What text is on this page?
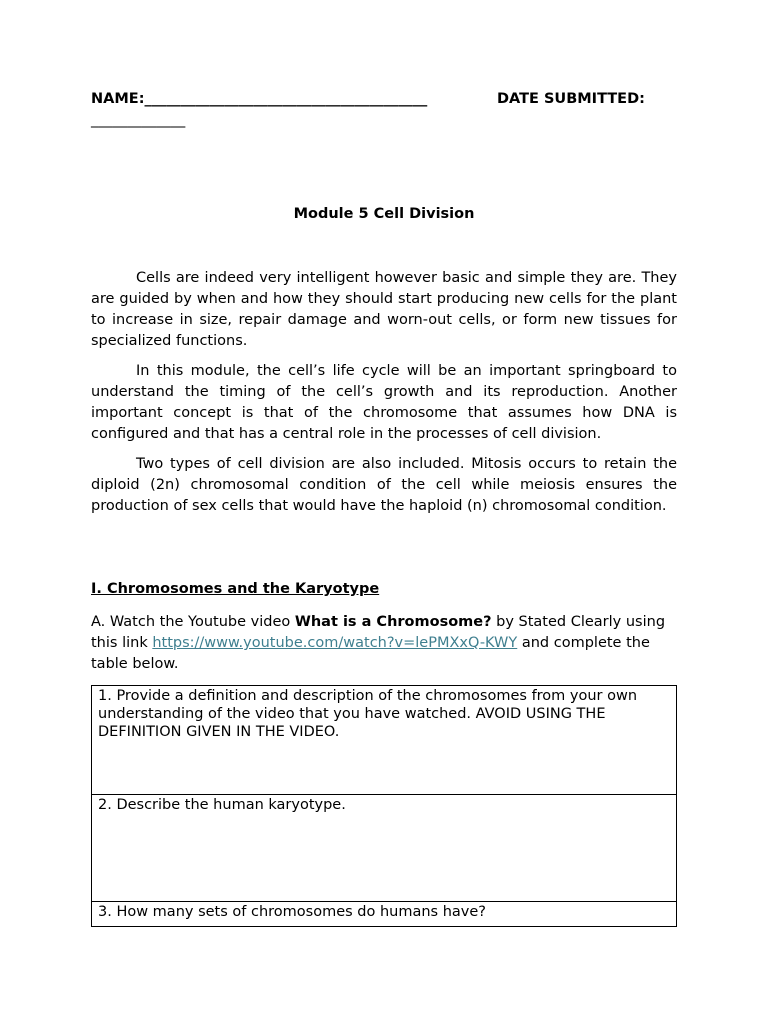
NAME:_______________________________________	DATE SUBMITTED:
_____________
Module 5 Cell Division

Cells are indeed very intelligent however basic and simple they are. They are guided by when and how they should start producing new cells for the plant to increase in size, repair damage and worn-out cells, or form new tissues for specialized functions.

In this module, the cell’s life cycle will be an important springboard to understand the timing of the cell’s growth and its reproduction. Another important concept is that of the chromosome that assumes how DNA is configured and that has a central role in the processes of cell division.

Two types of cell division are also included. Mitosis occurs to retain the diploid (2n) chromosomal condition of the cell while meiosis ensures the production of sex cells that would have the haploid (n) chromosomal condition.

I. Chromosomes and the Karyotype
A. Watch the Youtube video What is a Chromosome? by Stated Clearly using this link https://www.youtube.com/watch?v=lePMXxQ-KWY and complete the table below.
1. Provide a definition and description of the chromosomes from your own understanding of the video that you have watched. AVOID USING THE DEFINITION GIVEN IN THE VIDEO.
2. Describe the human karyotype.
3. How many sets of chromosomes do humans have?
